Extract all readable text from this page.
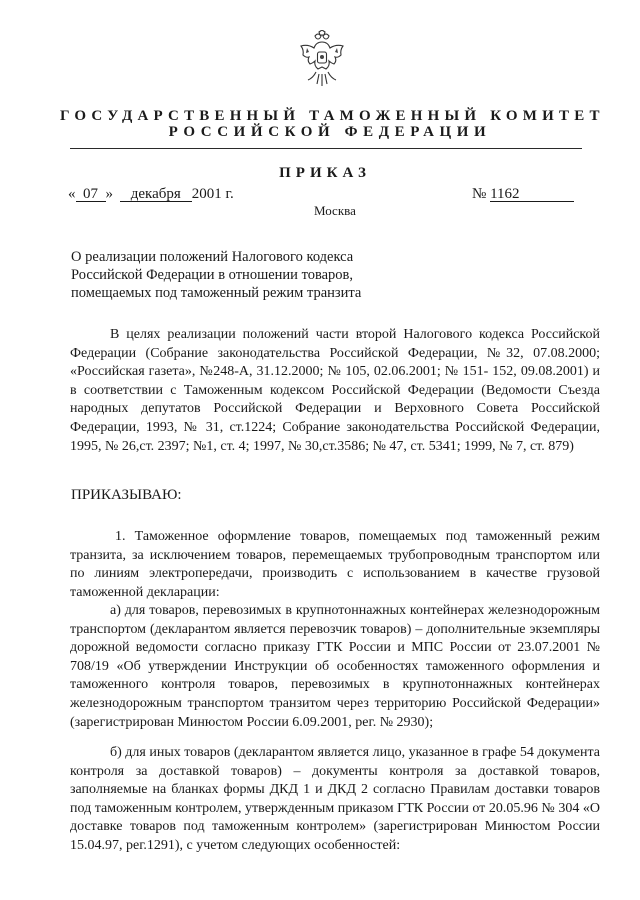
ГОСУДАРСТВЕННЫЙ ТАМОЖЕННЫЙ КОМИТЕТ
РОССИЙСКОЙ ФЕДЕРАЦИИ
ПРИКАЗ
« 07 » декабря 2001 г.	№ 1162
Москва
О реализации положений Налогового кодекса
Российской Федерации в отношении товаров,
помещаемых под таможенный режим транзита

В целях реализации положений части второй Налогового кодекса Российской Федерации (Собрание законодательства Российской Федерации, №32, 07.08.2000; «Российская газета», №248-А, 31.12.2000; № 105, 02.06.2001; № 151- 152, 09.08.2001) и в соответствии с Таможенным кодексом Российской Федерации (Ведомости Съезда народных депутатов Российской Федерации и Верховного Совета Российской Федерации, 1993, № 31, ст.1224; Собрание законодательства Российской Федерации, 1995, № 26,ст. 2397; №1, ст. 4; 1997, № 30,ст.3586; № 47, ст. 5341; 1999, № 7, ст. 879)

ПРИКАЗЫВАЮ:

1. Таможенное оформление товаров, помещаемых под таможенный режим транзита, за исключением товаров, перемещаемых трубопроводным транспортом или по линиям электропередачи, производить с использованием в качестве грузовой таможенной декларации:

а) для товаров, перевозимых в крупнотоннажных контейнерах железнодорожным транспортом (декларантом является перевозчик товаров) – дополнительные экземпляры дорожной ведомости согласно приказу ГТК России и МПС России от 23.07.2001 № 708/19 «Об утверждении Инструкции об особенностях таможенного оформления и таможенного контроля товаров, перевозимых в крупнотоннажных контейнерах железнодорожным транспортом транзитом через территорию Российской Федерации» (зарегистрирован Минюстом России 6.09.2001, рег. № 2930);

б) для иных товаров (декларантом является лицо, указанное в графе 54 документа контроля за доставкой товаров) – документы контроля за доставкой товаров, заполняемые на бланках формы ДКД 1 и ДКД 2 согласно Правилам доставки товаров под таможенным контролем, утвержденным приказом ГТК России от 20.05.96 № 304 «О доставке товаров под таможенным контролем» (зарегистрирован Минюстом России 15.04.97, рег.1291), с учетом следующих особенностей:
